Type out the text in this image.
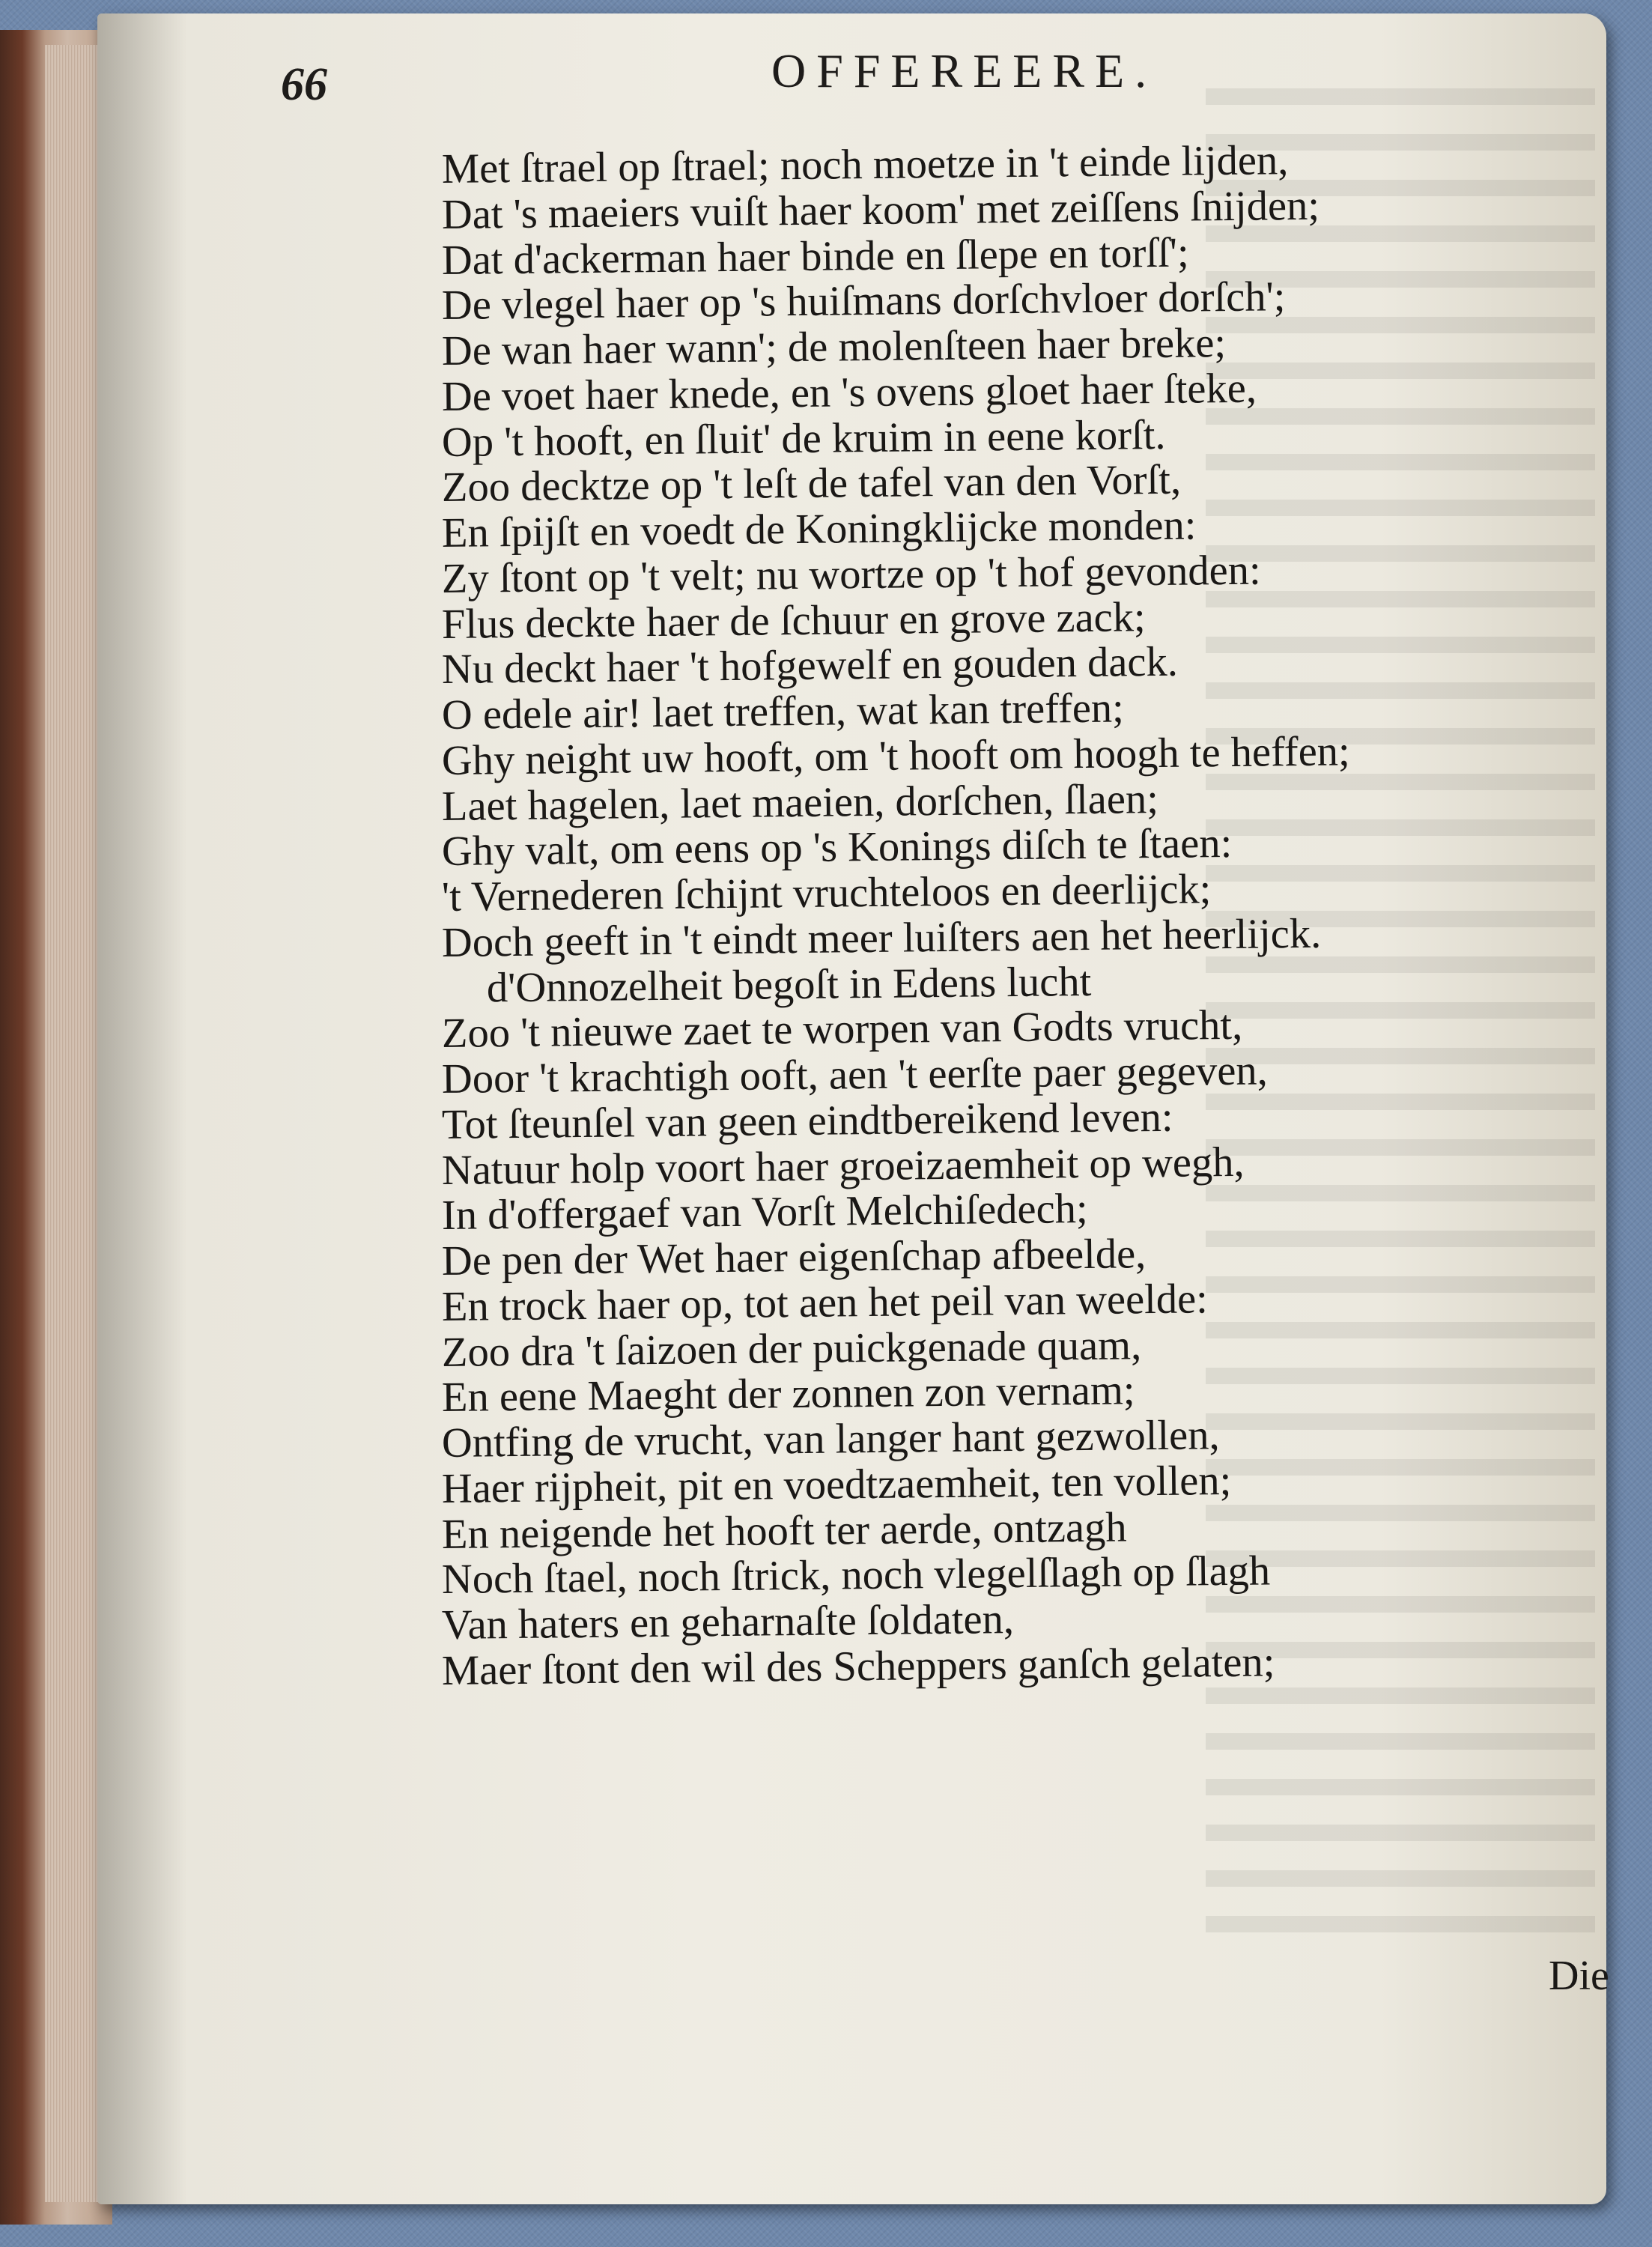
66	OFFEREERE.
Met ſtrael op ſtrael; noch moetze in 't einde lijden,
Dat 's maeiers vuiſt haer koom' met zeiſſens ſnijden;
Dat d'ackerman haer binde en ſlepe en torſſ';
De vlegel haer op 's huiſmans dorſchvloer dorſch';
De wan haer wann'; de molenſteen haer breke;
De voet haer knede, en 's ovens gloet haer ſteke,
Op 't hooft, en ſluit' de kruim in eene korſt.
Zoo decktze op 't leſt de tafel van den Vorſt,
En ſpijſt en voedt de Koningklijcke monden:
Zy ſtont op 't velt; nu wortze op 't hof gevonden:
Flus deckte haer de ſchuur en grove zack;
Nu deckt haer 't hofgewelf en gouden dack.
O edele air! laet treffen, wat kan treffen;
Ghy neight uw hooft, om 't hooft om hoogh te heffen;
Laet hagelen, laet maeien, dorſchen, ſlaen;
Ghy valt, om eens op 's Konings diſch te ſtaen:
't Vernederen ſchijnt vruchteloos en deerlijck;
Doch geeft in 't eindt meer luiſters aen het heerlijck.
d'Onnozelheit begoſt in Edens lucht
Zoo 't nieuwe zaet te worpen van Godts vrucht,
Door 't krachtigh ooft, aen 't eerſte paer gegeven,
Tot ſteunſel van geen eindtbereikend leven:
Natuur holp voort haer groeizaemheit op wegh,
In d'offergaef van Vorſt Melchiſedech;
De pen der Wet haer eigenſchap afbeelde,
En trock haer op, tot aen het peil van weelde:
Zoo dra 't ſaizoen der puickgenade quam,
En eene Maeght der zonnen zon vernam;
Ontfing de vrucht, van langer hant gezwollen,
Haer rijpheit, pit en voedtzaemheit, ten vollen;
En neigende het hooft ter aerde, ontzagh
Noch ſtael, noch ſtrick, noch vlegelſlagh op ſlagh
Van haters en geharnaſte ſoldaten,
Maer ſtont den wil des Scheppers ganſch gelaten;
Die
